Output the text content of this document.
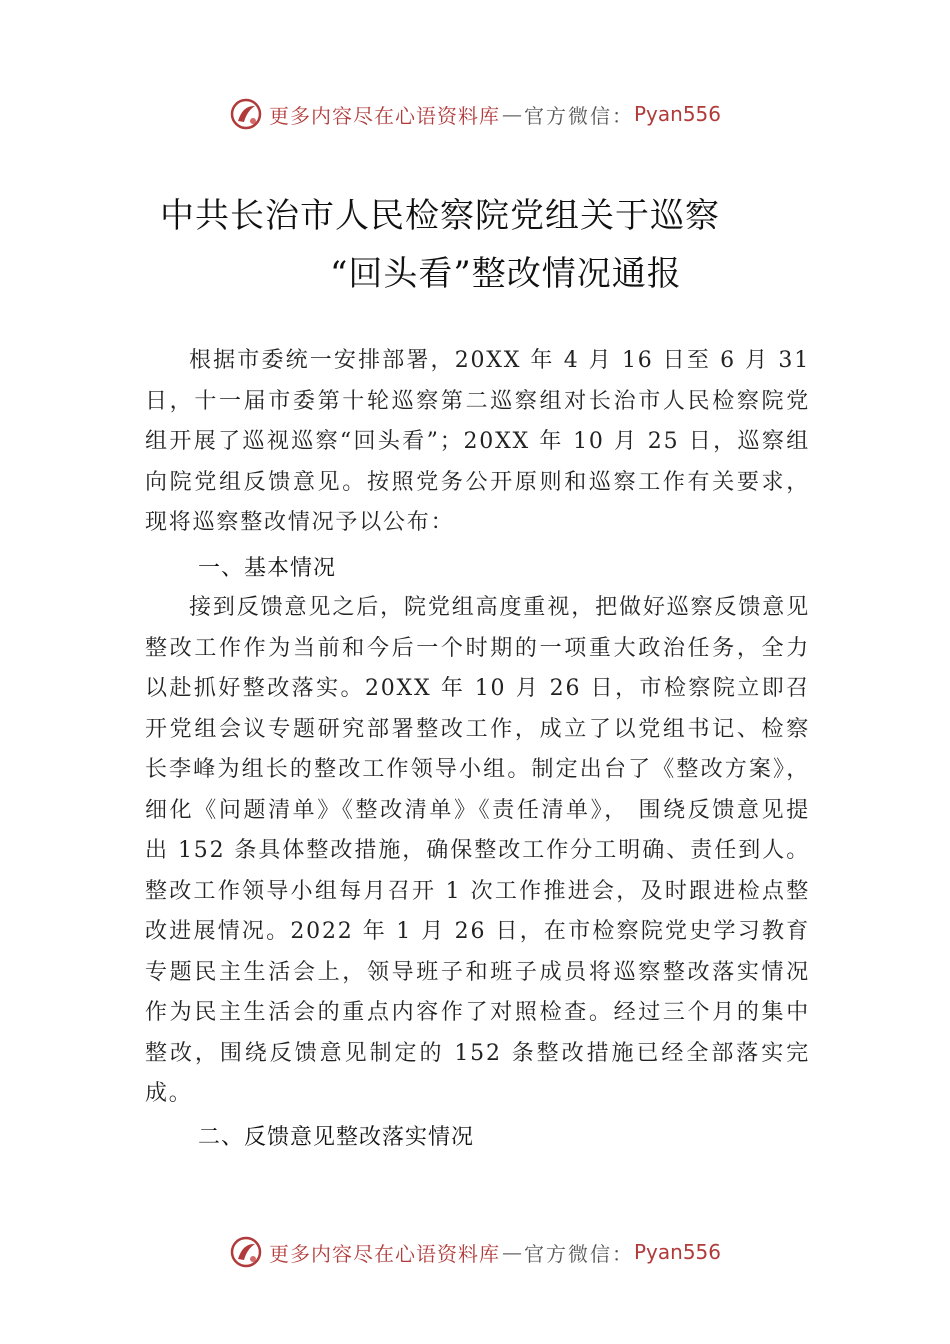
更多内容尽在心语资料库 — 官方微信： Pyan556
中共长治市人民检察院党组关于巡察
“回头看”整改情况通报

根据市委统一安排部署，20XX 年 4 月 16 日至 6 月 31 日，十一届市委第十轮巡察第二巡察组对长治市人民检察院党组开展了巡视巡察“回头看”；20XX 年 10 月 25 日，巡察组向院党组反馈意见。按照党务公开原则和巡察工作有关要求，现将巡察整改情况予以公布：

一、基本情况

接到反馈意见之后，院党组高度重视，把做好巡察反馈意见整改工作作为当前和今后一个时期的一项重大政治任务，全力以赴抓好整改落实。20XX 年 10 月 26 日，市检察院立即召开党组会议专题研究部署整改工作，成立了以党组书记、检察长李峰为组长的整改工作领导小组。制定出台了《整改方案》，细化《问题清单》《整改清单》《责任清单》， 围绕反馈意见提出 152 条具体整改措施，确保整改工作分工明确、责任到人。整改工作领导小组每月召开 1 次工作推进会，及时跟进检点整改进展情况。2022 年 1 月 26 日，在市检察院党史学习教育专题民主生活会上，领导班子和班子成员将巡察整改落实情况作为民主生活会的重点内容作了对照检查。经过三个月的集中整改，围绕反馈意见制定的 152 条整改措施已经全部落实完成。

二、反馈意见整改落实情况

更多内容尽在心语资料库 — 官方微信： Pyan556
